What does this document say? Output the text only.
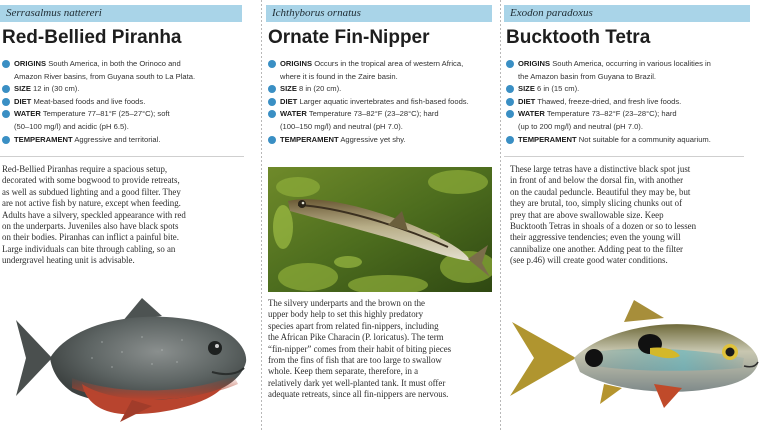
Serrasalmus nattereri
Red-Bellied Piranha
ORIGINS South America, in both the Orinoco and
Amazon River basins, from Guyana south to La Plata.
SIZE 12 in (30 cm).
DIET Meat-based foods and live foods.
WATER Temperature 77–81°F (25–27°C); soft
(50–100 mg/l) and acidic (pH 6.5).
TEMPERAMENT Aggressive and territorial.
Red-Bellied Piranhas require a spacious setup,
decorated with some bogwood to provide retreats,
as well as subdued lighting and a good filter. They
are not active fish by nature, except when feeding.
Adults have a silvery, speckled appearance with red
on the underparts. Juveniles also have black spots
on their bodies. Piranhas can inflict a painful bite.
Large individuals can bite through cabling, so an
undergravel heating unit is advisable.
Ichthyborus ornatus
Ornate Fin-Nipper
ORIGINS Occurs in the tropical area of western Africa,
where it is found in the Zaire basin.
SIZE 8 in (20 cm).
DIET Larger aquatic invertebrates and fish-based foods.
WATER Temperature 73–82°F (23–28°C); hard
(100–150 mg/l) and neutral (pH 7.0).
TEMPERAMENT Aggressive yet shy.
The silvery underparts and the brown on the
upper body help to set this highly predatory
species apart from related fin-nippers, including
the African Pike Characin (P. loricatus). The term
“fin-nipper” comes from their habit of biting pieces
from the fins of fish that are too large to swallow
whole. Keep them separate, therefore, in a
relatively dark yet well-planted tank. It must offer
adequate retreats, since all fin-nippers are nervous.
Exodon paradoxus
Bucktooth Tetra
ORIGINS South America, occurring in various localities in
the Amazon basin from Guyana to Brazil.
SIZE 6 in (15 cm).
DIET Thawed, freeze-dried, and fresh live foods.
WATER Temperature 73–82°F (23–28°C); hard
(up to 200 mg/l) and neutral (pH 7.0).
TEMPERAMENT Not suitable for a community aquarium.
These large tetras have a distinctive black spot just
in front of and below the dorsal fin, with another
on the caudal peduncle. Beautiful they may be, but
they are brutal, too, simply slicing chunks out of
prey that are above swallowable size. Keep
Bucktooth Tetras in shoals of a dozen or so to lessen
their aggressive tendencies; even the young will
cannibalize one another. Adding peat to the filter
(see p.46) will create good water conditions.
